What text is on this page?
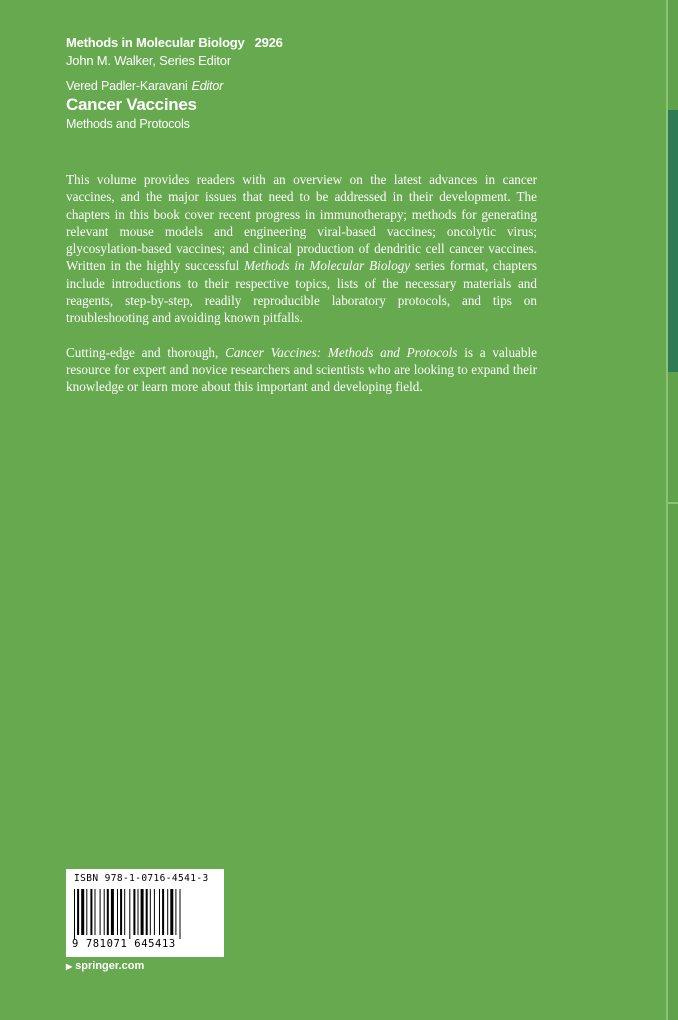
Methods in Molecular Biology 2926
John M. Walker, Series Editor
Vered Padler-Karavani Editor
Cancer Vaccines
Methods and Protocols

This volume provides readers with an overview on the latest advances in cancer vaccines, and the major issues that need to be addressed in their development. The chapters in this book cover recent progress in immunotherapy; methods for generating relevant mouse models and engineering viral-based vaccines; oncolytic virus; glycosylation-based vaccines; and clinical production of dendritic cell cancer vaccines. Written in the highly successful Methods in Molecular Biology series format, chapters include introductions to their respective topics, lists of the necessary materials and reagents, step-by-step, readily reproducible laboratory protocols, and tips on troubleshooting and avoiding known pitfalls.

Cutting-edge and thorough, Cancer Vaccines: Methods and Protocols is a valuable resource for expert and novice researchers and scientists who are looking to expand their knowledge or learn more about this important and developing field.

ISBN 978-1-0716-4541-3
9 781071 645413
▶ springer.com
